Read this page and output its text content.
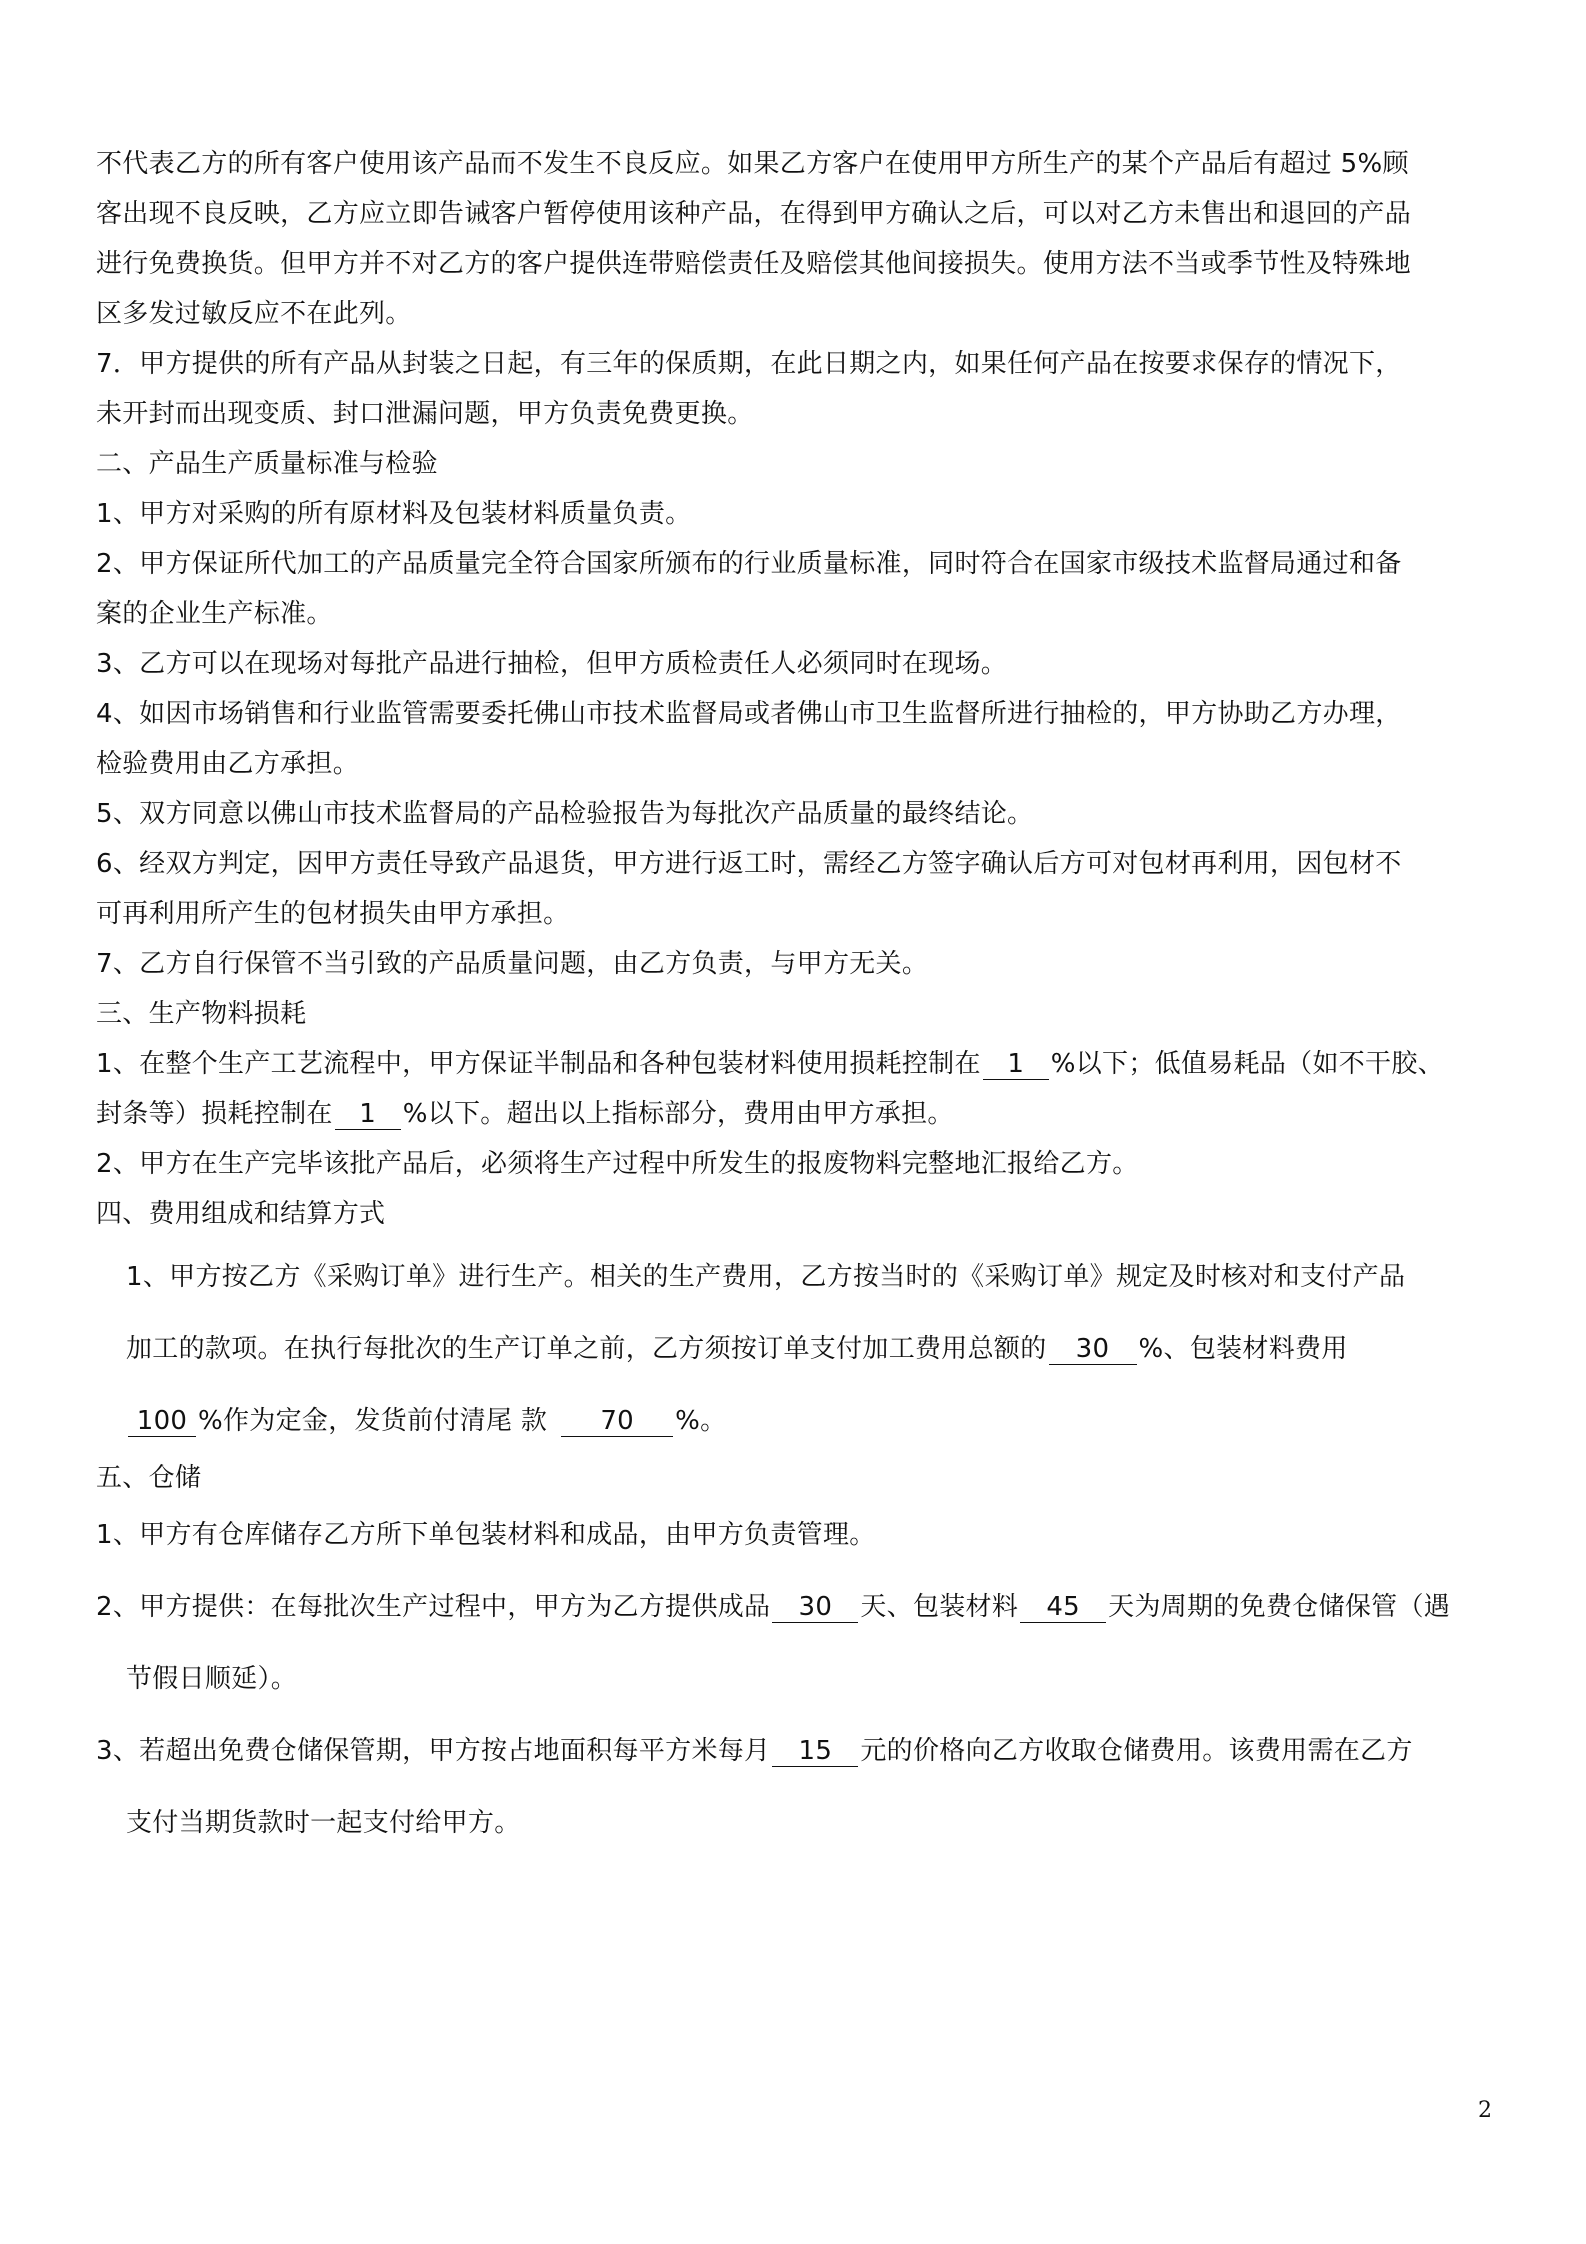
不代表乙方的所有客户使用该产品而不发生不良反应。如果乙方客户在使用甲方所生产的某个产品后有超过 5%顾
客出现不良反映，乙方应立即告诫客户暂停使用该种产品，在得到甲方确认之后，可以对乙方未售出和退回的产品
进行免费换货。但甲方并不对乙方的客户提供连带赔偿责任及赔偿其他间接损失。使用方法不当或季节性及特殊地
区多发过敏反应不在此列。
7．甲方提供的所有产品从封装之日起，有三年的保质期，在此日期之内，如果任何产品在按要求保存的情况下，
未开封而出现变质、封口泄漏问题，甲方负责免费更换。
二、产品生产质量标准与检验
1、甲方对采购的所有原材料及包装材料质量负责。
2、甲方保证所代加工的产品质量完全符合国家所颁布的行业质量标准，同时符合在国家市级技术监督局通过和备
案的企业生产标准。
3、乙方可以在现场对每批产品进行抽检，但甲方质检责任人必须同时在现场。
4、如因市场销售和行业监管需要委托佛山市技术监督局或者佛山市卫生监督所进行抽检的，甲方协助乙方办理，
检验费用由乙方承担。
5、双方同意以佛山市技术监督局的产品检验报告为每批次产品质量的最终结论。
6、经双方判定，因甲方责任导致产品退货，甲方进行返工时，需经乙方签字确认后方可对包材再利用，因包材不
可再利用所产生的包材损失由甲方承担。
7、乙方自行保管不当引致的产品质量问题，由乙方负责，与甲方无关。
三、生产物料损耗
1、在整个生产工艺流程中，甲方保证半制品和各种包装材料使用损耗控制在 1 %以下；低值易耗品（如不干胶、
封条等）损耗控制在 1 %以下。超出以上指标部分，费用由甲方承担。
2、甲方在生产完毕该批产品后，必须将生产过程中所发生的报废物料完整地汇报给乙方。
四、费用组成和结算方式
1、甲方按乙方《采购订单》进行生产。相关的生产费用，乙方按当时的《采购订单》规定及时核对和支付产品
加工的款项。在执行每批次的生产订单之前，乙方须按订单支付加工费用总额的 30 %、包装材料费用
100 %作为定金，发货前付清尾 款 70 %。
五、仓储
1、甲方有仓库储存乙方所下单包装材料和成品，由甲方负责管理。
2、甲方提供：在每批次生产过程中，甲方为乙方提供成品 30 天、包装材料 45 天为周期的免费仓储保管（遇
节假日顺延）。
3、若超出免费仓储保管期，甲方按占地面积每平方米每月 15 元的价格向乙方收取仓储费用。该费用需在乙方
支付当期货款时一起支付给甲方。
2
